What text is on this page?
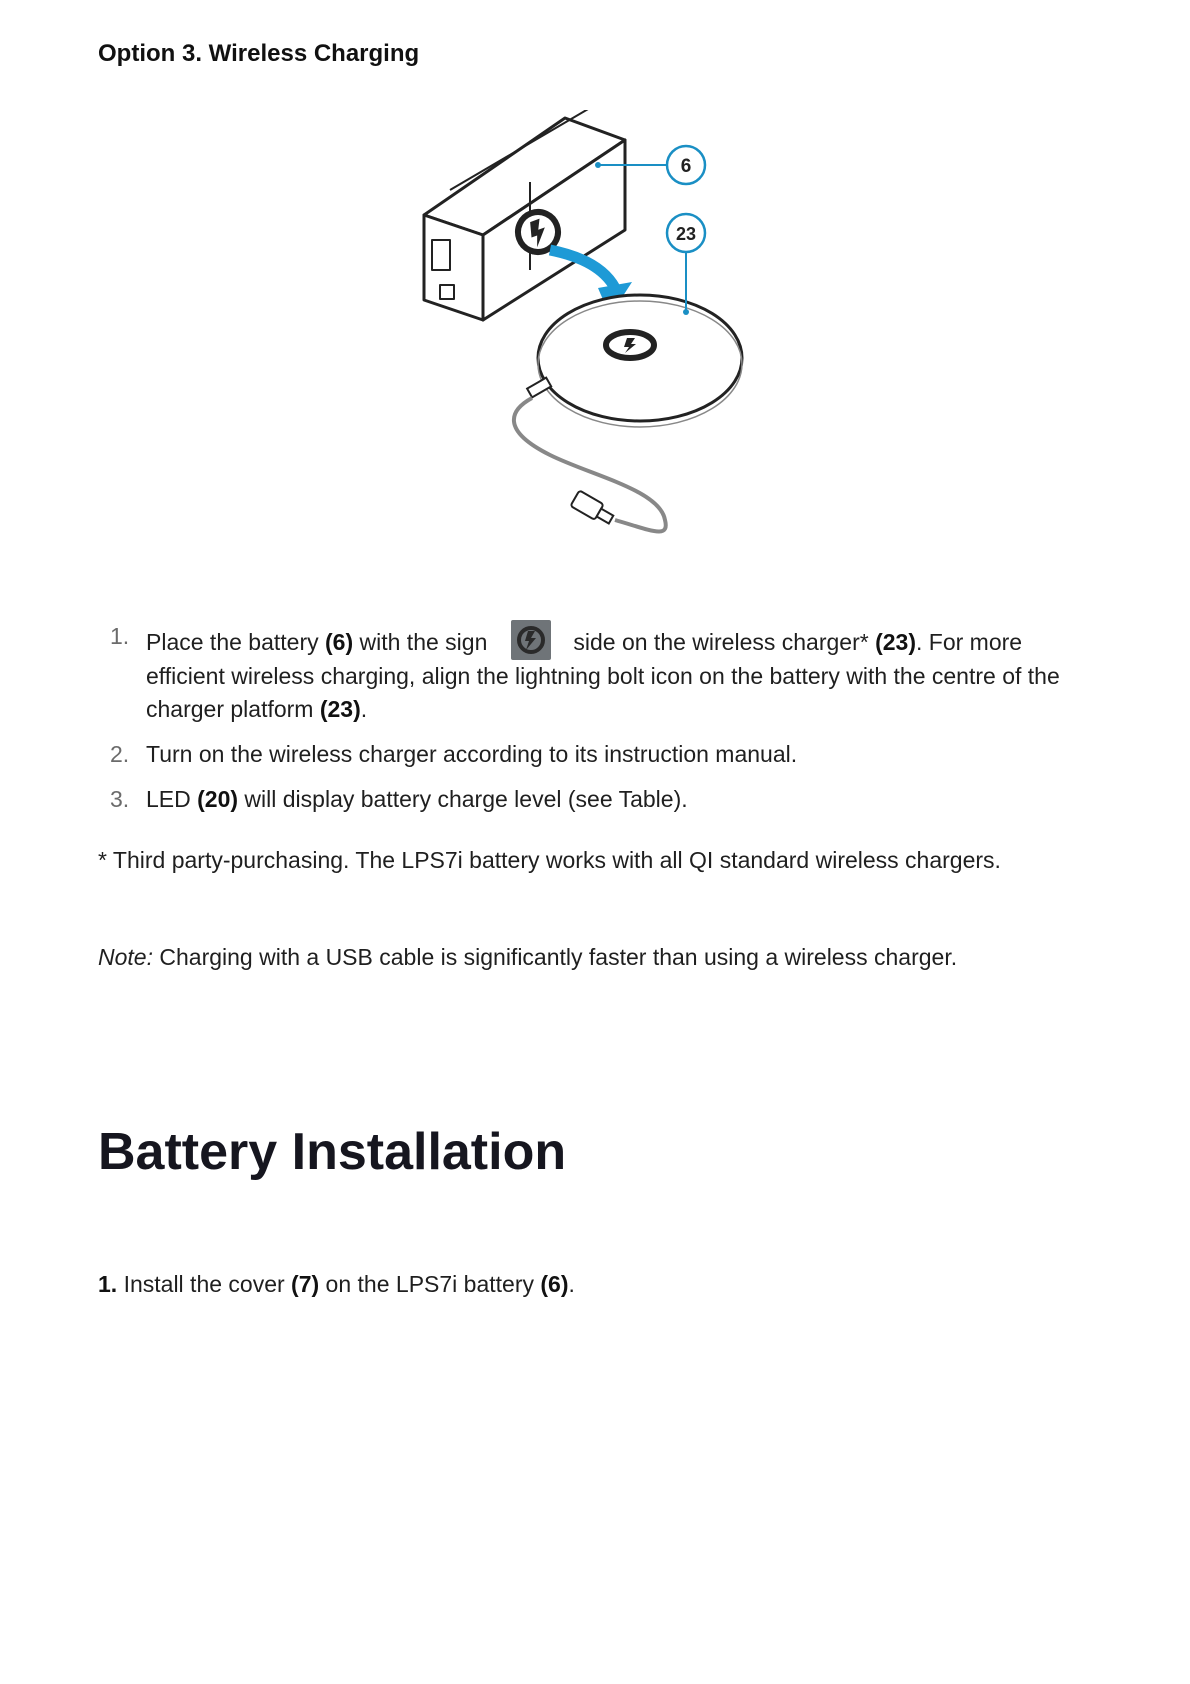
Option 3. Wireless Charging
6
23
1. Place the battery (6) with the sign	side on the wireless charger* (23). For more efficient wireless charging, align the lightning bolt icon on the battery with the centre of the charger platform (23).
2. Turn on the wireless charger according to its instruction manual.
3. LED (20) will display battery charge level (see Table).

* Third party-purchasing. The LPS7i battery works with all QI standard wireless chargers.

Note: Charging with a USB cable is significantly faster than using a wireless charger.

Battery Installation

1. Install the cover (7) on the LPS7i battery (6).
